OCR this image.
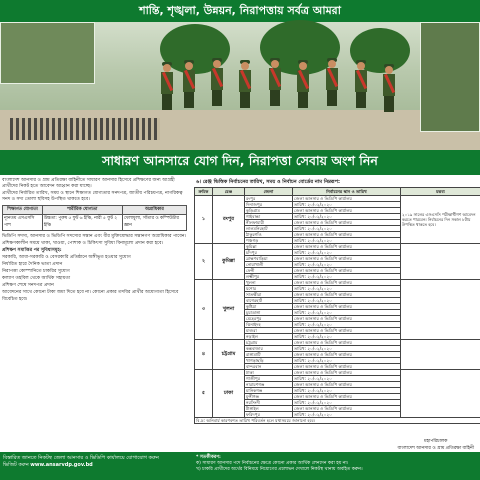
শান্তি, শৃঙ্খলা, উন্নয়ন, নিরাপত্তায় সর্বত্র আমরা
সাধারণ আনসারে যোগ দিন, নিরাপত্তা সেবায় অংশ নিন

বাংলাদেশ আনসার ও গ্রাম প্রতিরক্ষা বাহিনীতে সাধারণ আনসার হিসেবে প্রশিক্ষণের জন্য আগ্রহী প্রার্থীদের নিকট হতে আবেদন আহ্বান করা যাচ্ছে।

প্রার্থীদের নির্ধারিত তারিখ, সময় ও স্থানে শিক্ষাগত যোগ্যতার সনদপত্র, জাতীয় পরিচয়পত্র, নাগরিকত্ব সনদ ও সদ্য তোলা ছবিসহ উপস্থিত থাকতে হবে।

শিক্ষাগত যোগ্যতা	শারীরিক যোগ্যতা	অগ্রাধিকার
ন্যূনতম এসএসসি পাশ	উচ্চতা: পুরুষ ৫ ফুট ৬ ইঞ্চি, নারী ৫ ফুট ২ ইঞ্চি	খেলাধুলা, সাঁতার ও কম্পিউটার জ্ঞান

ভিডিপি সদস্য, আনসার ও ভিডিপি সদস্যের সন্তান এবং বীর মুক্তিযোদ্ধার সন্তানগণ অগ্রাধিকার পাবেন।

প্রশিক্ষণকালীন সময়ে থাকা, খাওয়া, পোশাক ও চিকিৎসা সুবিধা বিনামূল্যে প্রদান করা হবে।

প্রশিক্ষণ সমাপ্তির পর সুবিধাসমূহ:

সরকারি, আধা-সরকারি ও বেসরকারি প্রতিষ্ঠানে অঙ্গীভূত হওয়ার সুযোগ

নির্ধারিত হারে দৈনিক ভাতা প্রদান

নিরাপত্তা কোম্পানিতে চাকরির সুযোগ

কল্যাণ তহবিল থেকে আর্থিক সহায়তা

প্রশিক্ষণ শেষে সনদপত্র প্রদান

আবেদনের সাথে কোনো টাকা জমা দিতে হবে না। কোনো প্রকার তদবির প্রার্থীর অযোগ্যতা হিসেবে বিবেচিত হবে।

৬। রেঞ্জ ভিত্তিক নির্বাচনের তারিখ, সময় ও নির্বাচন বোর্ডের নাম নিম্নরূপ:
ক্রমিক	রেঞ্জ	জেলা	নির্বাচনের স্থান ও তারিখ	মন্তব্য
১	রংপুর	রংপুর	জেলা আনসার ও ভিডিপি কার্যালয়	২০১৯ সালের এসএসসি পরীক্ষার্থীগণ আবেদন করতে পারবেন। নির্বাচনের দিন সকাল ৮টায় উপস্থিত থাকতে হবে।
		দিনাজপুর	তারিখ: ২০/০২/২০২০	
		কুড়িগ্রাম	জেলা আনসার ও ভিডিপি কার্যালয়	
		গাইবান্ধা	তারিখ: ২০/০২/২০২০	
		নীলফামারী	জেলা আনসার ও ভিডিপি কার্যালয়	
		লালমনিরহাট	তারিখ: ২০/০২/২০২০	
		ঠাকুরগাঁও	জেলা আনসার ও ভিডিপি কার্যালয়	
		পঞ্চগড়	তারিখ: ২০/০২/২০২০	
২	কুমিল্লা	কুমিল্লা	জেলা আনসার ও ভিডিপি কার্যালয়	
		চাঁদপুর	তারিখ: ২০/০২/২০২০	
		ব্রাহ্মণবাড়িয়া	জেলা আনসার ও ভিডিপি কার্যালয়	
		নোয়াখালী	তারিখ: ২০/০২/২০২০	
		ফেনী	জেলা আনসার ও ভিডিপি কার্যালয়	
		লক্ষ্মীপুর	তারিখ: ২০/০২/২০২০	
৩	খুলনা	খুলনা	জেলা আনসার ও ভিডিপি কার্যালয়	
		যশোর	তারিখ: ২০/০২/২০২০	
		সাতক্ষীরা	জেলা আনসার ও ভিডিপি কার্যালয়	
		বাগেরহাট	তারিখ: ২০/০২/২০২০	
		কুষ্টিয়া	জেলা আনসার ও ভিডিপি কার্যালয়	
		চুয়াডাঙ্গা	তারিখ: ২০/০২/২০২০	
		মেহেরপুর	জেলা আনসার ও ভিডিপি কার্যালয়	
		ঝিনাইদহ	তারিখ: ২০/০২/২০২০	
		মাগুরা	জেলা আনসার ও ভিডিপি কার্যালয়	
		নড়াইল	তারিখ: ২০/০২/২০২০	
৪	চট্টগ্রাম	চট্টগ্রাম	জেলা আনসার ও ভিডিপি কার্যালয়	
		কক্সবাজার	তারিখ: ২০/০২/২০২০	
		রাঙ্গামাটি	জেলা আনসার ও ভিডিপি কার্যালয়	
		খাগড়াছড়ি	তারিখ: ২০/০২/২০২০	
		বান্দরবান	জেলা আনসার ও ভিডিপি কার্যালয়	
৫	ঢাকা	ঢাকা	জেলা আনসার ও ভিডিপি কার্যালয়	
		গাজীপুর	তারিখ: ২০/০২/২০২০	
		নারায়ণগঞ্জ	জেলা আনসার ও ভিডিপি কার্যালয়	
		মানিকগঞ্জ	তারিখ: ২০/০২/২০২০	
		মুন্সীগঞ্জ	জেলা আনসার ও ভিডিপি কার্যালয়	
		নরসিংদী	তারিখ: ২০/০২/২০২০	
		টাঙ্গাইল	জেলা আনসার ও ভিডিপি কার্যালয়	
		ফরিদপুর	তারিখ: ২০/০২/২০২০	
বি.দ্র: অনিবার্য কারণবশত তারিখ পরিবর্তন হলে যথাসময়ে জানানো হবে।				
মহাপরিচালক
বাংলাদেশ আনসার ও গ্রাম প্রতিরক্ষা বাহিনী
বিস্তারিত জানতে নিকটস্থ জেলা আনসার ও ভিডিপি কার্যালয়ে যোগাযোগ করুন
ভিজিট করুন www.ansarvdp.gov.bd
* সতর্কীকরণ:
ক) সাধারণ আনসার পদে নির্বাচনের ক্ষেত্রে কোনো প্রকার আর্থিক লেনদেন করা হয় না।
খ) চাকরি প্রার্থীদের অর্থের বিনিময়ে নিয়োগের প্রলোভন দেখালে নিকটস্থ থানায় অবহিত করুন।
